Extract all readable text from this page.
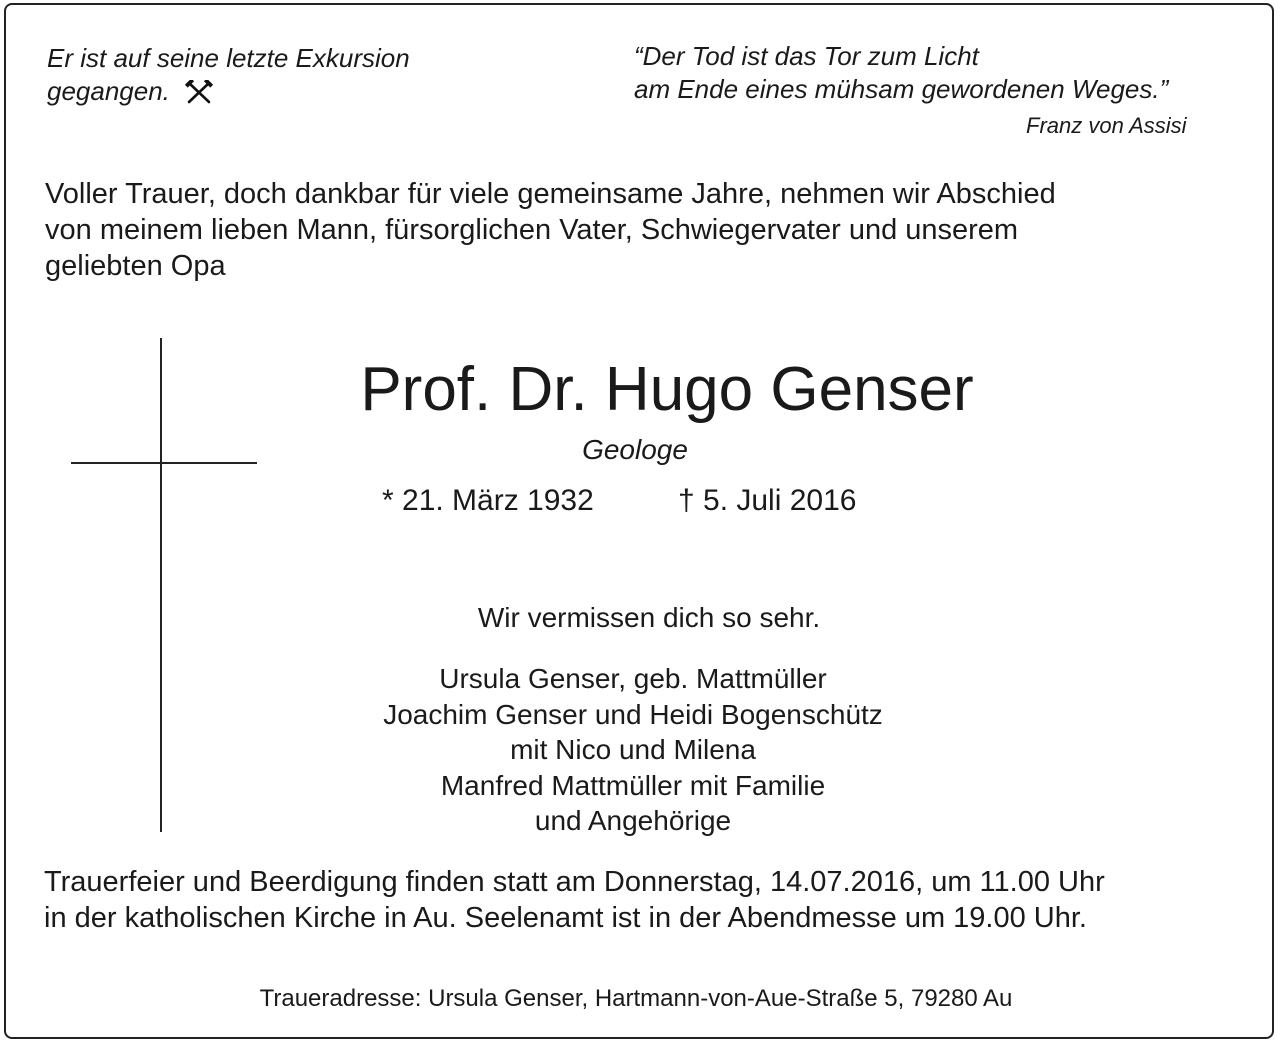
Er ist auf seine letzte Exkursion
gegangen.
“Der Tod ist das Tor zum Licht
am Ende eines mühsam gewordenen Weges.”
Franz von Assisi
Voller Trauer, doch dankbar für viele gemeinsame Jahre, nehmen wir Abschied
von meinem lieben Mann, fürsorglichen Vater, Schwiegervater und unserem
geliebten Opa
Prof. Dr. Hugo Genser
Geologe
* 21. März 1932	† 5. Juli 2016
Wir vermissen dich so sehr.
Ursula Genser, geb. Mattmüller
Joachim Genser und Heidi Bogenschütz
mit Nico und Milena
Manfred Mattmüller mit Familie
und Angehörige
Trauerfeier und Beerdigung finden statt am Donnerstag, 14.07.2016, um 11.00 Uhr
in der katholischen Kirche in Au. Seelenamt ist in der Abendmesse um 19.00 Uhr.
Traueradresse: Ursula Genser, Hartmann-von-Aue-Straße 5, 79280 Au
